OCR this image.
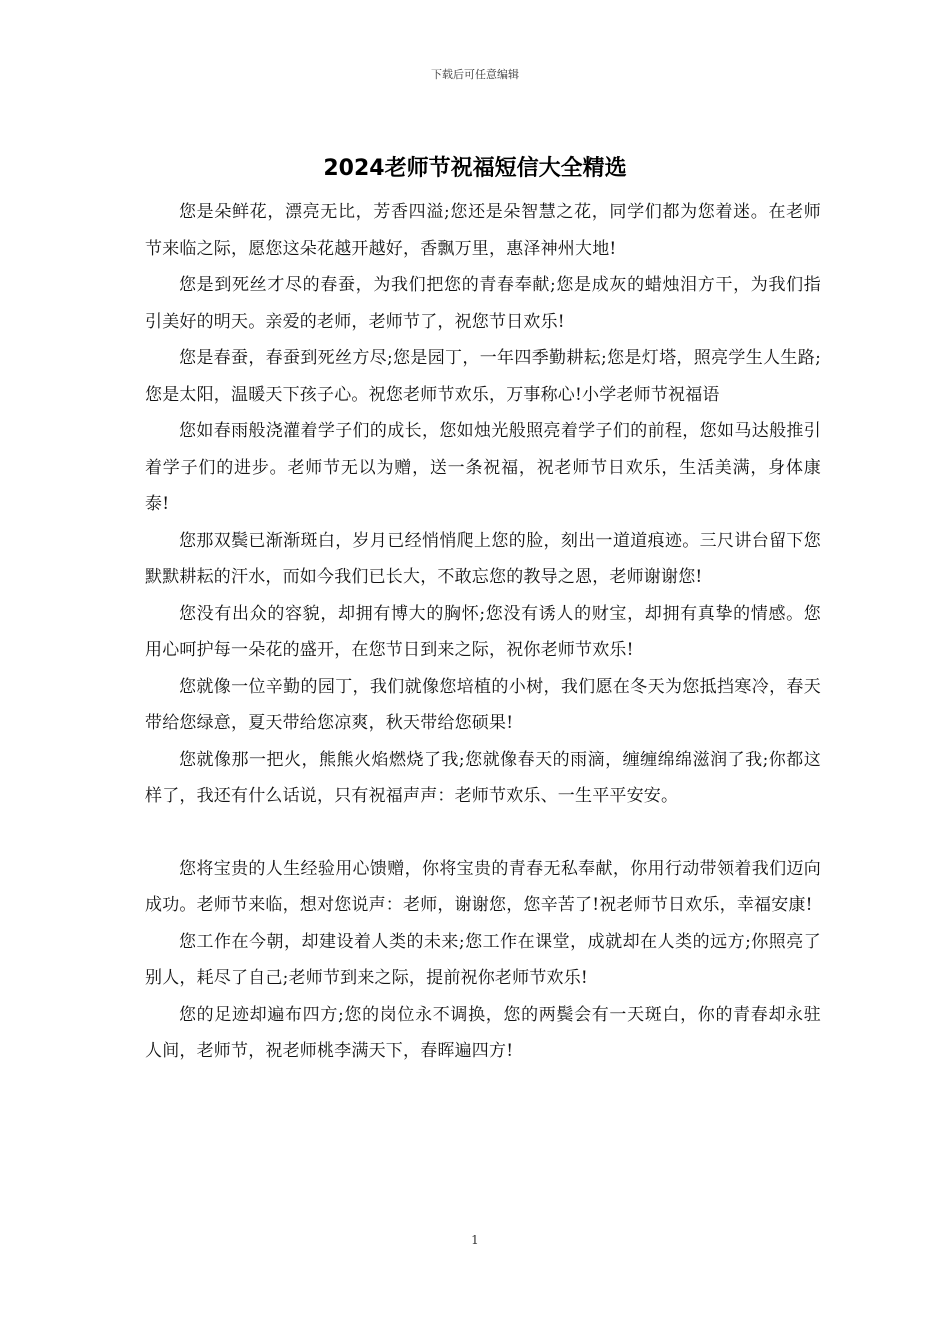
下载后可任意编辑
2024老师节祝福短信大全精选

您是朵鲜花，漂亮无比，芳香四溢;您还是朵智慧之花，同学们都为您着迷。在老师节来临之际，愿您这朵花越开越好，香飘万里，惠泽神州大地!

您是到死丝才尽的春蚕，为我们把您的青春奉献;您是成灰的蜡烛泪方干，为我们指引美好的明天。亲爱的老师，老师节了，祝您节日欢乐!

您是春蚕，春蚕到死丝方尽;您是园丁，一年四季勤耕耘;您是灯塔，照亮学生人生路;您是太阳，温暖天下孩子心。祝您老师节欢乐，万事称心!小学老师节祝福语

您如春雨般浇灌着学子们的成长，您如烛光般照亮着学子们的前程，您如马达般推引着学子们的进步。老师节无以为赠，送一条祝福，祝老师节日欢乐，生活美满，身体康泰!

您那双鬓已渐渐斑白，岁月已经悄悄爬上您的脸，刻出一道道痕迹。三尺讲台留下您默默耕耘的汗水，而如今我们已长大，不敢忘您的教导之恩，老师谢谢您!

您没有出众的容貌，却拥有博大的胸怀;您没有诱人的财宝，却拥有真挚的情感。您用心呵护每一朵花的盛开，在您节日到来之际，祝你老师节欢乐!

您就像一位辛勤的园丁，我们就像您培植的小树，我们愿在冬天为您抵挡寒冷，春天带给您绿意，夏天带给您凉爽，秋天带给您硕果!

您就像那一把火，熊熊火焰燃烧了我;您就像春天的雨滴，缠缠绵绵滋润了我;你都这样了，我还有什么话说，只有祝福声声：老师节欢乐、一生平平安安。

您将宝贵的人生经验用心馈赠，你将宝贵的青春无私奉献，你用行动带领着我们迈向成功。老师节来临，想对您说声：老师，谢谢您，您辛苦了!祝老师节日欢乐，幸福安康!

您工作在今朝，却建设着人类的未来;您工作在课堂，成就却在人类的远方;你照亮了别人，耗尽了自己;老师节到来之际，提前祝你老师节欢乐!

您的足迹却遍布四方;您的岗位永不调换，您的两鬓会有一天斑白，你的青春却永驻人间，老师节，祝老师桃李满天下，春晖遍四方!

1
